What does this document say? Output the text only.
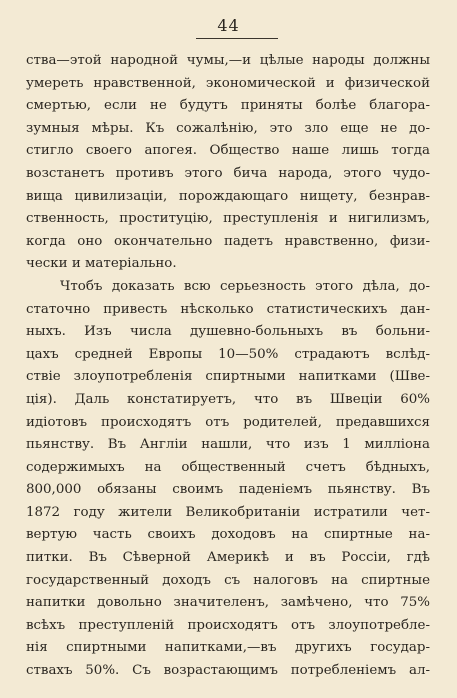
44
ства—этой народной чумы,—и цѣлые народы должны
умереть нравственной, экономической и физической
смертью, если не будутъ приняты болѣе благора-
зумныя мѣры. Къ сожалѣнію, это зло еще не до-
стигло своего апогея. Общество наше лишь тогда
возстанетъ противъ этого бича народа, этого чудо-
вища цивилизаціи, порождающаго нищету, безнрав-
ственность, проституцію, преступленія и нигилизмъ,
когда оно окончательно падетъ нравственно, физи-
чески и матеріально.
Чтобъ доказать всю серьезность этого дѣла, до-
статочно привесть нѣсколько статистическихъ дан-
ныхъ. Изъ числа душевно-больныхъ въ больни-
цахъ средней Европы 10—50% страдаютъ вслѣд-
ствіе злоупотребленія спиртными напитками (Шве-
ція). Даль констатируетъ, что въ Швеціи 60%
идіотовъ происходятъ отъ родителей, предавшихся
пьянству. Въ Англіи нашли, что изъ 1 милліона
содержимыхъ на общественный счетъ бѣдныхъ,
800,000 обязаны своимъ паденіемъ пьянству. Въ
1872 году жители Великобританіи истратили чет-
вертую часть своихъ доходовъ на спиртные на-
питки. Въ Сѣверной Америкѣ и въ Россіи, гдѣ
государственный доходъ съ налоговъ на спиртные
напитки довольно значителенъ, замѣчено, что 75%
всѣхъ преступленій происходятъ отъ злоупотребле-
нія спиртными напитками,—въ другихъ государ-
ствахъ 50%. Съ возрастающимъ потребленіемъ ал-
